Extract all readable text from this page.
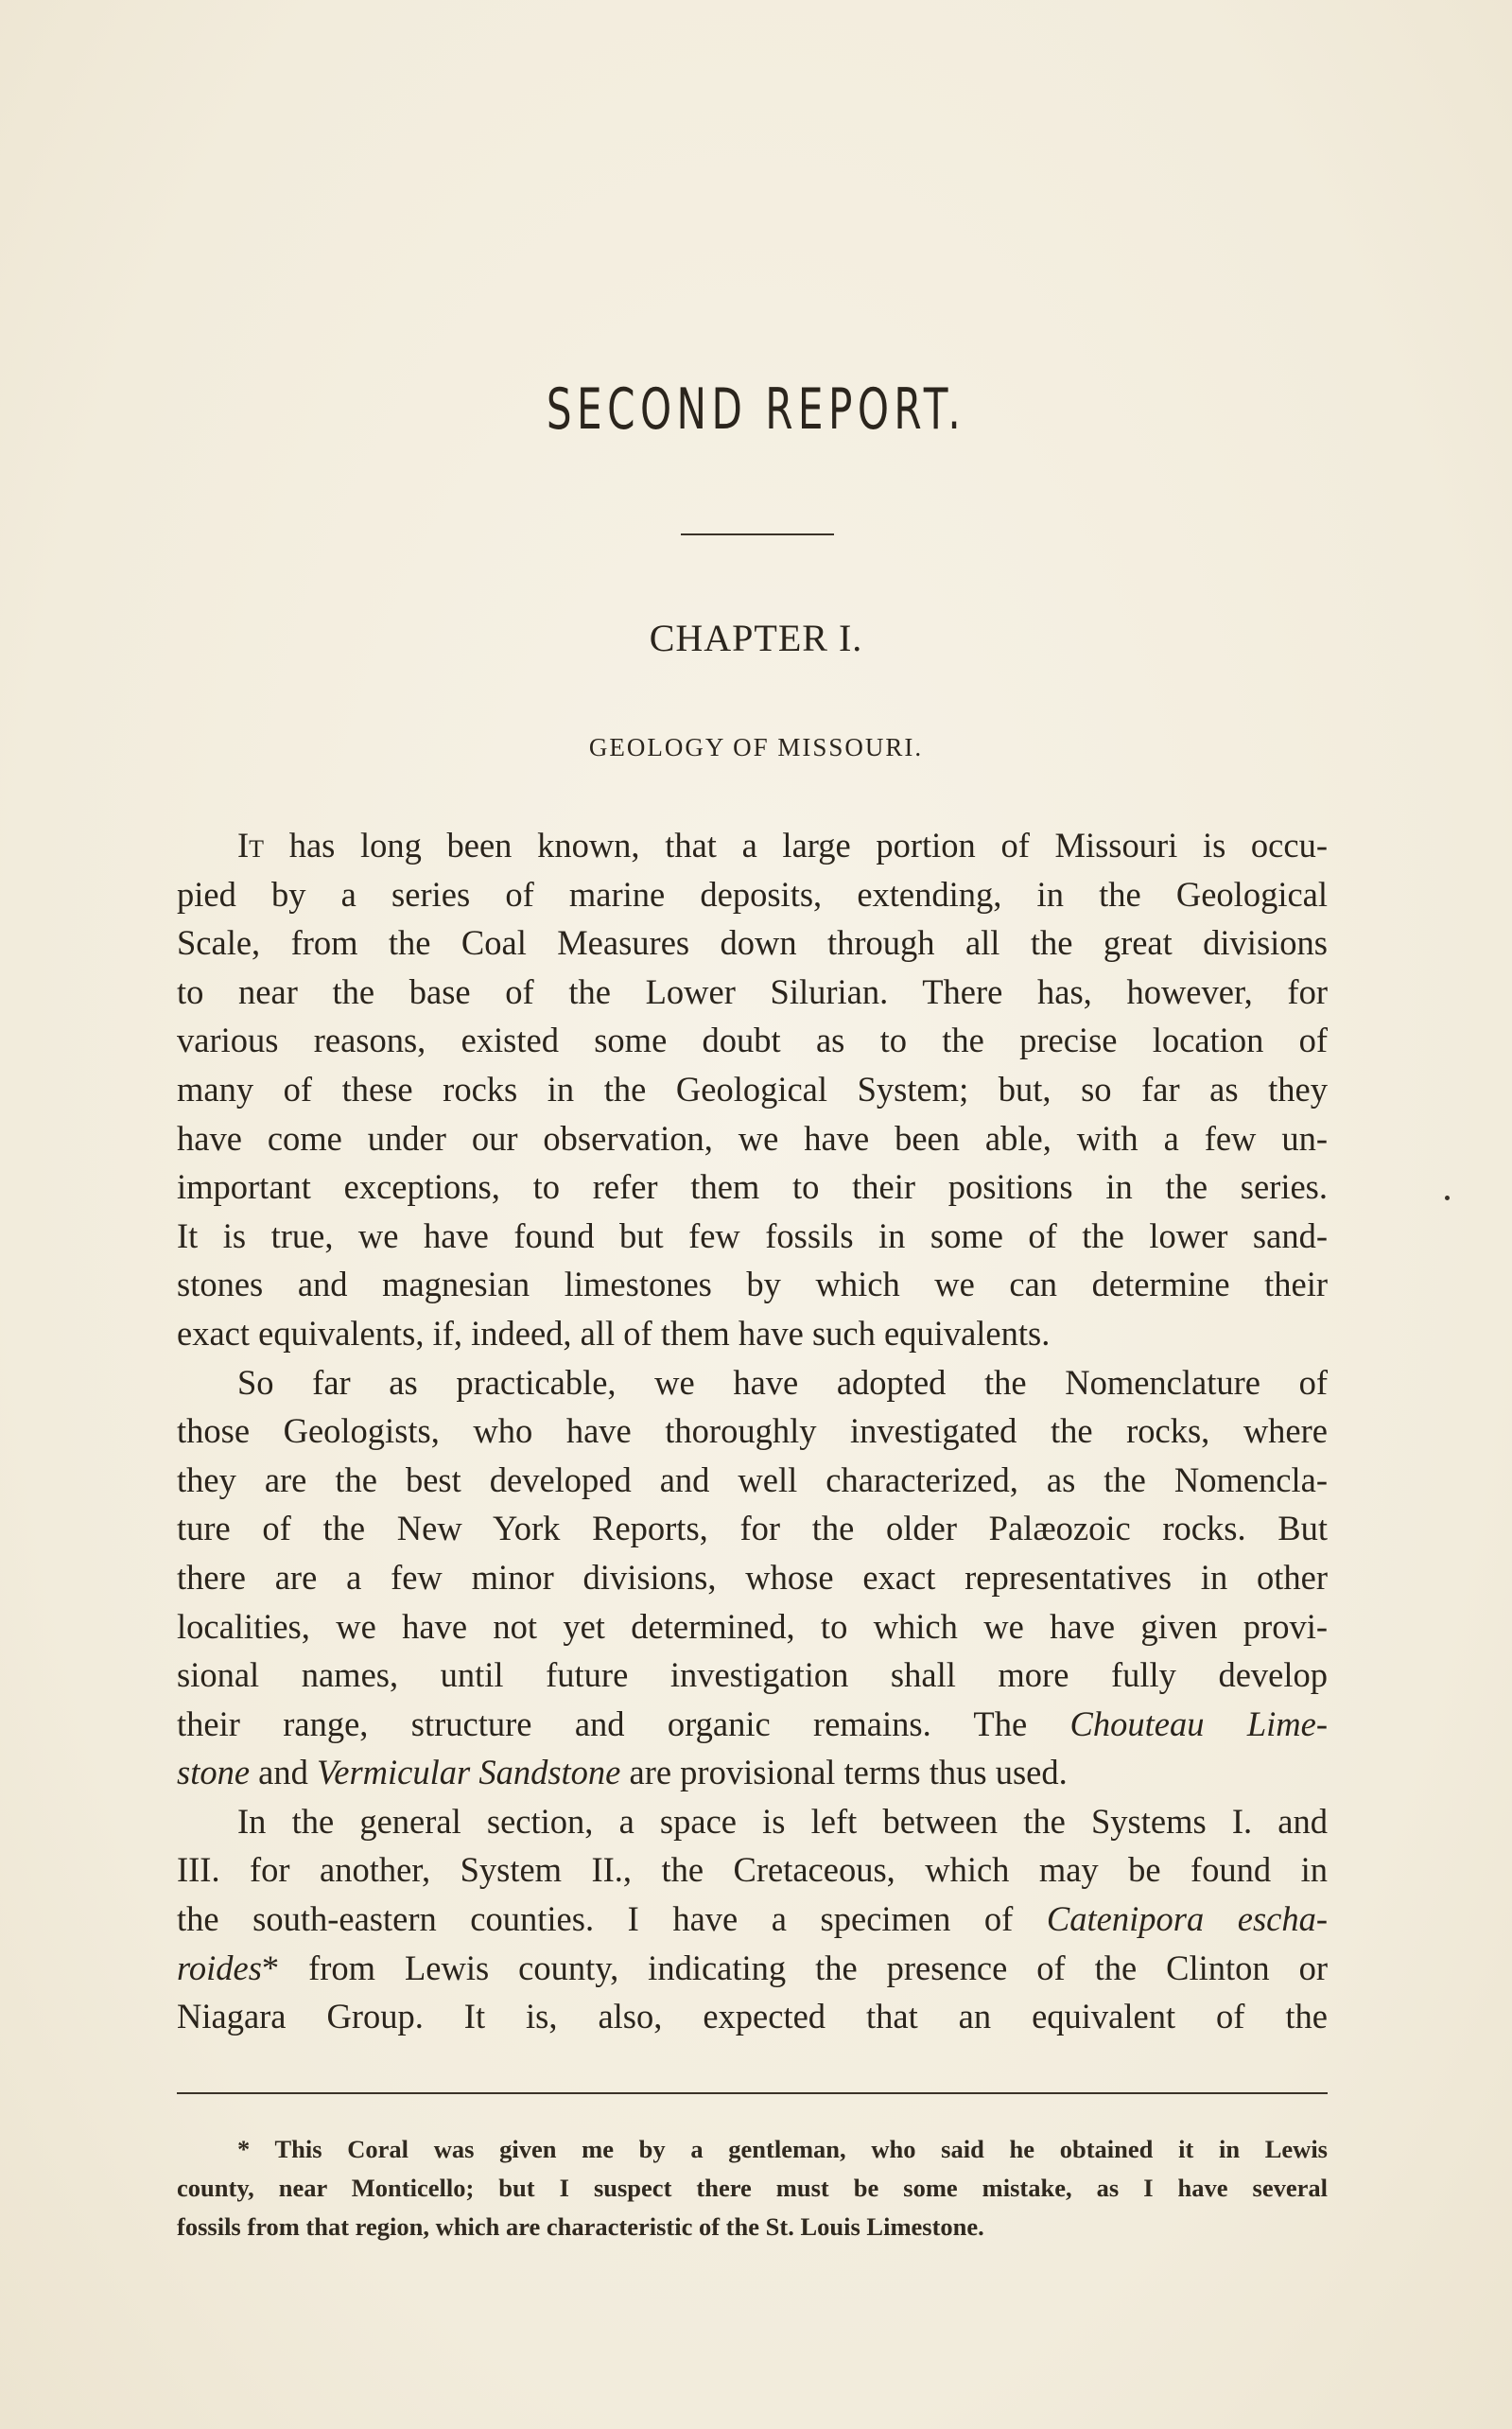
SECOND REPORT.
CHAPTER I.
GEOLOGY OF MISSOURI.
It has long been known, that a large portion of Missouri is occu-
pied by a series of marine deposits, extending, in the Geological
Scale, from the Coal Measures down through all the great divisions
to near the base of the Lower Silurian. There has, however, for
various reasons, existed some doubt as to the precise location of
many of these rocks in the Geological System; but, so far as they
have come under our observation, we have been able, with a few un-
important exceptions, to refer them to their positions in the series.
It is true, we have found but few fossils in some of the lower sand-
stones and magnesian limestones by which we can determine their
exact equivalents, if, indeed, all of them have such equivalents.
So far as practicable, we have adopted the Nomenclature of
those Geologists, who have thoroughly investigated the rocks, where
they are the best developed and well characterized, as the Nomencla-
ture of the New York Reports, for the older Palæozoic rocks. But
there are a few minor divisions, whose exact representatives in other
localities, we have not yet determined, to which we have given provi-
sional names, until future investigation shall more fully develop
their range, structure and organic remains. The Chouteau Lime-
stone and Vermicular Sandstone are provisional terms thus used.
In the general section, a space is left between the Systems I. and
III. for another, System II., the Cretaceous, which may be found in
the south-eastern counties. I have a specimen of Catenipora escha-
roides* from Lewis county, indicating the presence of the Clinton or
Niagara Group. It is, also, expected that an equivalent of the
* This Coral was given me by a gentleman, who said he obtained it in Lewis
county, near Monticello; but I suspect there must be some mistake, as I have several
fossils from that region, which are characteristic of the St. Louis Limestone.
